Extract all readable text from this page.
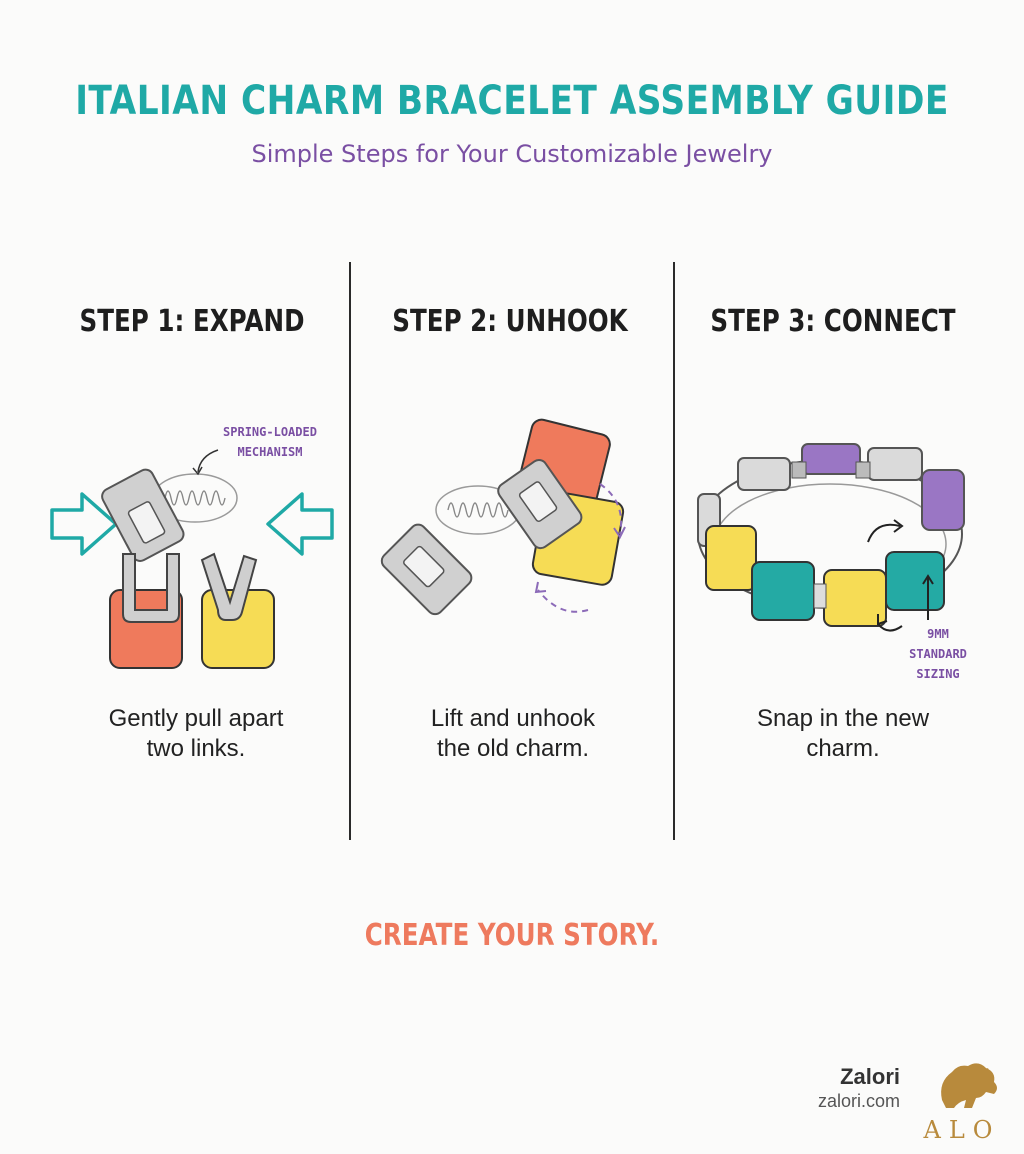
ITALIAN CHARM BRACELET ASSEMBLY GUIDE
Simple Steps for Your Customizable Jewelry
STEP 1: EXPAND
SPRING-LOADED
MECHANISM
Gently pull apart
two links.
STEP 2: UNHOOK
Lift and unhook
the old charm.
STEP 3: CONNECT
9MM
STANDARD
SIZING
Snap in the new
charm.
CREATE YOUR STORY.
Zalori
zalori.com
ALO
